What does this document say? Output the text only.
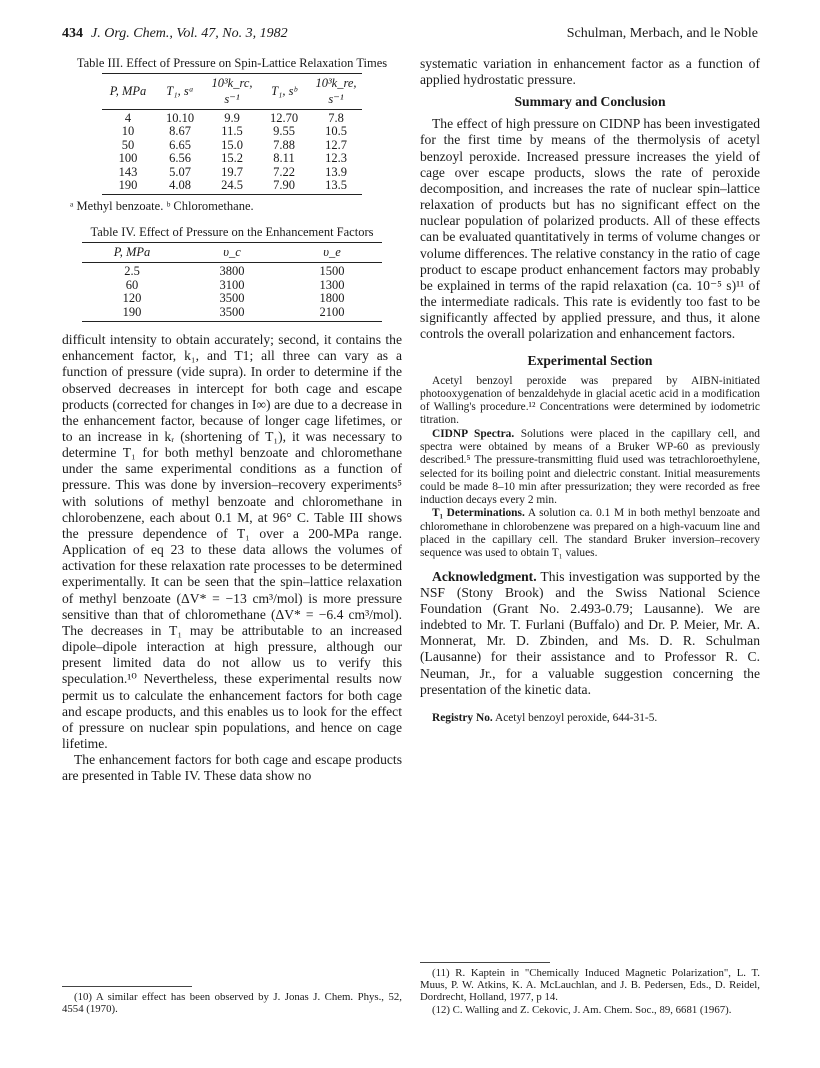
434 J. Org. Chem., Vol. 47, No. 3, 1982	Schulman, Merbach, and le Noble
Table III. Effect of Pressure on Spin-Lattice Relaxation Times
P, MPa	T₁, sᵃ	10³k_rc, s⁻¹	T₁, sᵇ	10³k_re, s⁻¹
4	10.10	9.9	12.70	7.8
10	8.67	11.5	9.55	10.5
50	6.65	15.0	7.88	12.7
100	6.56	15.2	8.11	12.3
143	5.07	19.7	7.22	13.9
190	4.08	24.5	7.90	13.5
ᵃ Methyl benzoate. ᵇ Chloromethane.
Table IV. Effect of Pressure on the Enhancement Factors
P, MPa	υ_c	υ_e
2.5	3800	1500
60	3100	1300
120	3500	1800
190	3500	2100

difficult intensity to obtain accurately; second, it contains the enhancement factor, k₁, and T1; all three can vary as a function of pressure (vide supra). In order to determine if the observed decreases in intercept for both cage and escape products (corrected for changes in I∞) are due to a decrease in the enhancement factor, because of longer cage lifetimes, or to an increase in kᵣ (shortening of T₁), it was necessary to determine T₁ for both methyl benzoate and chloromethane under the same experimental conditions as a function of pressure. This was done by inversion–recovery experiments⁵ with solutions of methyl benzoate and chloromethane in chlorobenzene, each about 0.1 M, at 96° C. Table III shows the pressure dependence of T₁ over a 200-MPa range. Application of eq 23 to these data allows the volumes of activation for these relaxation rate processes to be determined experimentally. It can be seen that the spin–lattice relaxation of methyl benzoate (ΔV* = −13 cm³/mol) is more pressure sensitive than that of chloromethane (ΔV* = −6.4 cm³/mol). The decreases in T₁ may be attributable to an increased dipole–dipole interaction at high pressure, although our present limited data do not allow us to verify this speculation.¹⁰ Nevertheless, these experimental results now permit us to calculate the enhancement factors for both cage and escape products, and this enables us to look for the effect of pressure on nuclear spin populations, and hence on cage lifetime.

The enhancement factors for both cage and escape products are presented in Table IV. These data show no

(10) A similar effect has been observed by J. Jonas J. Chem. Phys., 52, 4554 (1970).

systematic variation in enhancement factor as a function of applied hydrostatic pressure.

Summary and Conclusion

The effect of high pressure on CIDNP has been investigated for the first time by means of the thermolysis of acetyl benzoyl peroxide. Increased pressure increases the yield of cage over escape products, slows the rate of peroxide decomposition, and increases the rate of nuclear spin–lattice relaxation of products but has no significant effect on the nuclear population of polarized products. All of these effects can be evaluated quantitatively in terms of volume changes or volume differences. The relative constancy in the ratio of cage product to escape product enhancement factors may probably be explained in terms of the rapid relaxation (ca. 10⁻⁵ s)¹¹ of the intermediate radicals. This rate is evidently too fast to be significantly affected by applied pressure, and thus, it alone controls the overall polarization and enhancement factors.

Experimental Section

Acetyl benzoyl peroxide was prepared by AIBN-initiated photooxygenation of benzaldehyde in glacial acetic acid in a modification of Walling's procedure.¹² Concentrations were determined by iodometric titration.

CIDNP Spectra. Solutions were placed in the capillary cell, and spectra were obtained by means of a Bruker WP-60 as previously described.⁵ The pressure-transmitting fluid used was tetrachloroethylene, selected for its boiling point and dielectric constant. Initial measurements could be made 8–10 min after pressurization; they were recorded as free induction decays every 2 min.

T₁ Determinations. A solution ca. 0.1 M in both methyl benzoate and chloromethane in chlorobenzene was prepared on a high-vacuum line and placed in the capillary cell. The standard Bruker inversion–recovery sequence was used to obtain T₁ values.

Acknowledgment. This investigation was supported by the NSF (Stony Brook) and the Swiss National Science Foundation (Grant No. 2.493-0.79; Lausanne). We are indebted to Mr. T. Furlani (Buffalo) and Dr. P. Meier, Mr. A. Monnerat, Mr. D. Zbinden, and Ms. D. R. Schulman (Lausanne) for their assistance and to Professor R. C. Neuman, Jr., for a valuable suggestion concerning the presentation of the kinetic data.

Registry No. Acetyl benzoyl peroxide, 644-31-5.

(11) R. Kaptein in "Chemically Induced Magnetic Polarization", L. T. Muus, P. W. Atkins, K. A. McLauchlan, and J. B. Pedersen, Eds., D. Reidel, Dordrecht, Holland, 1977, p 14.

(12) C. Walling and Z. Cekovic, J. Am. Chem. Soc., 89, 6681 (1967).
